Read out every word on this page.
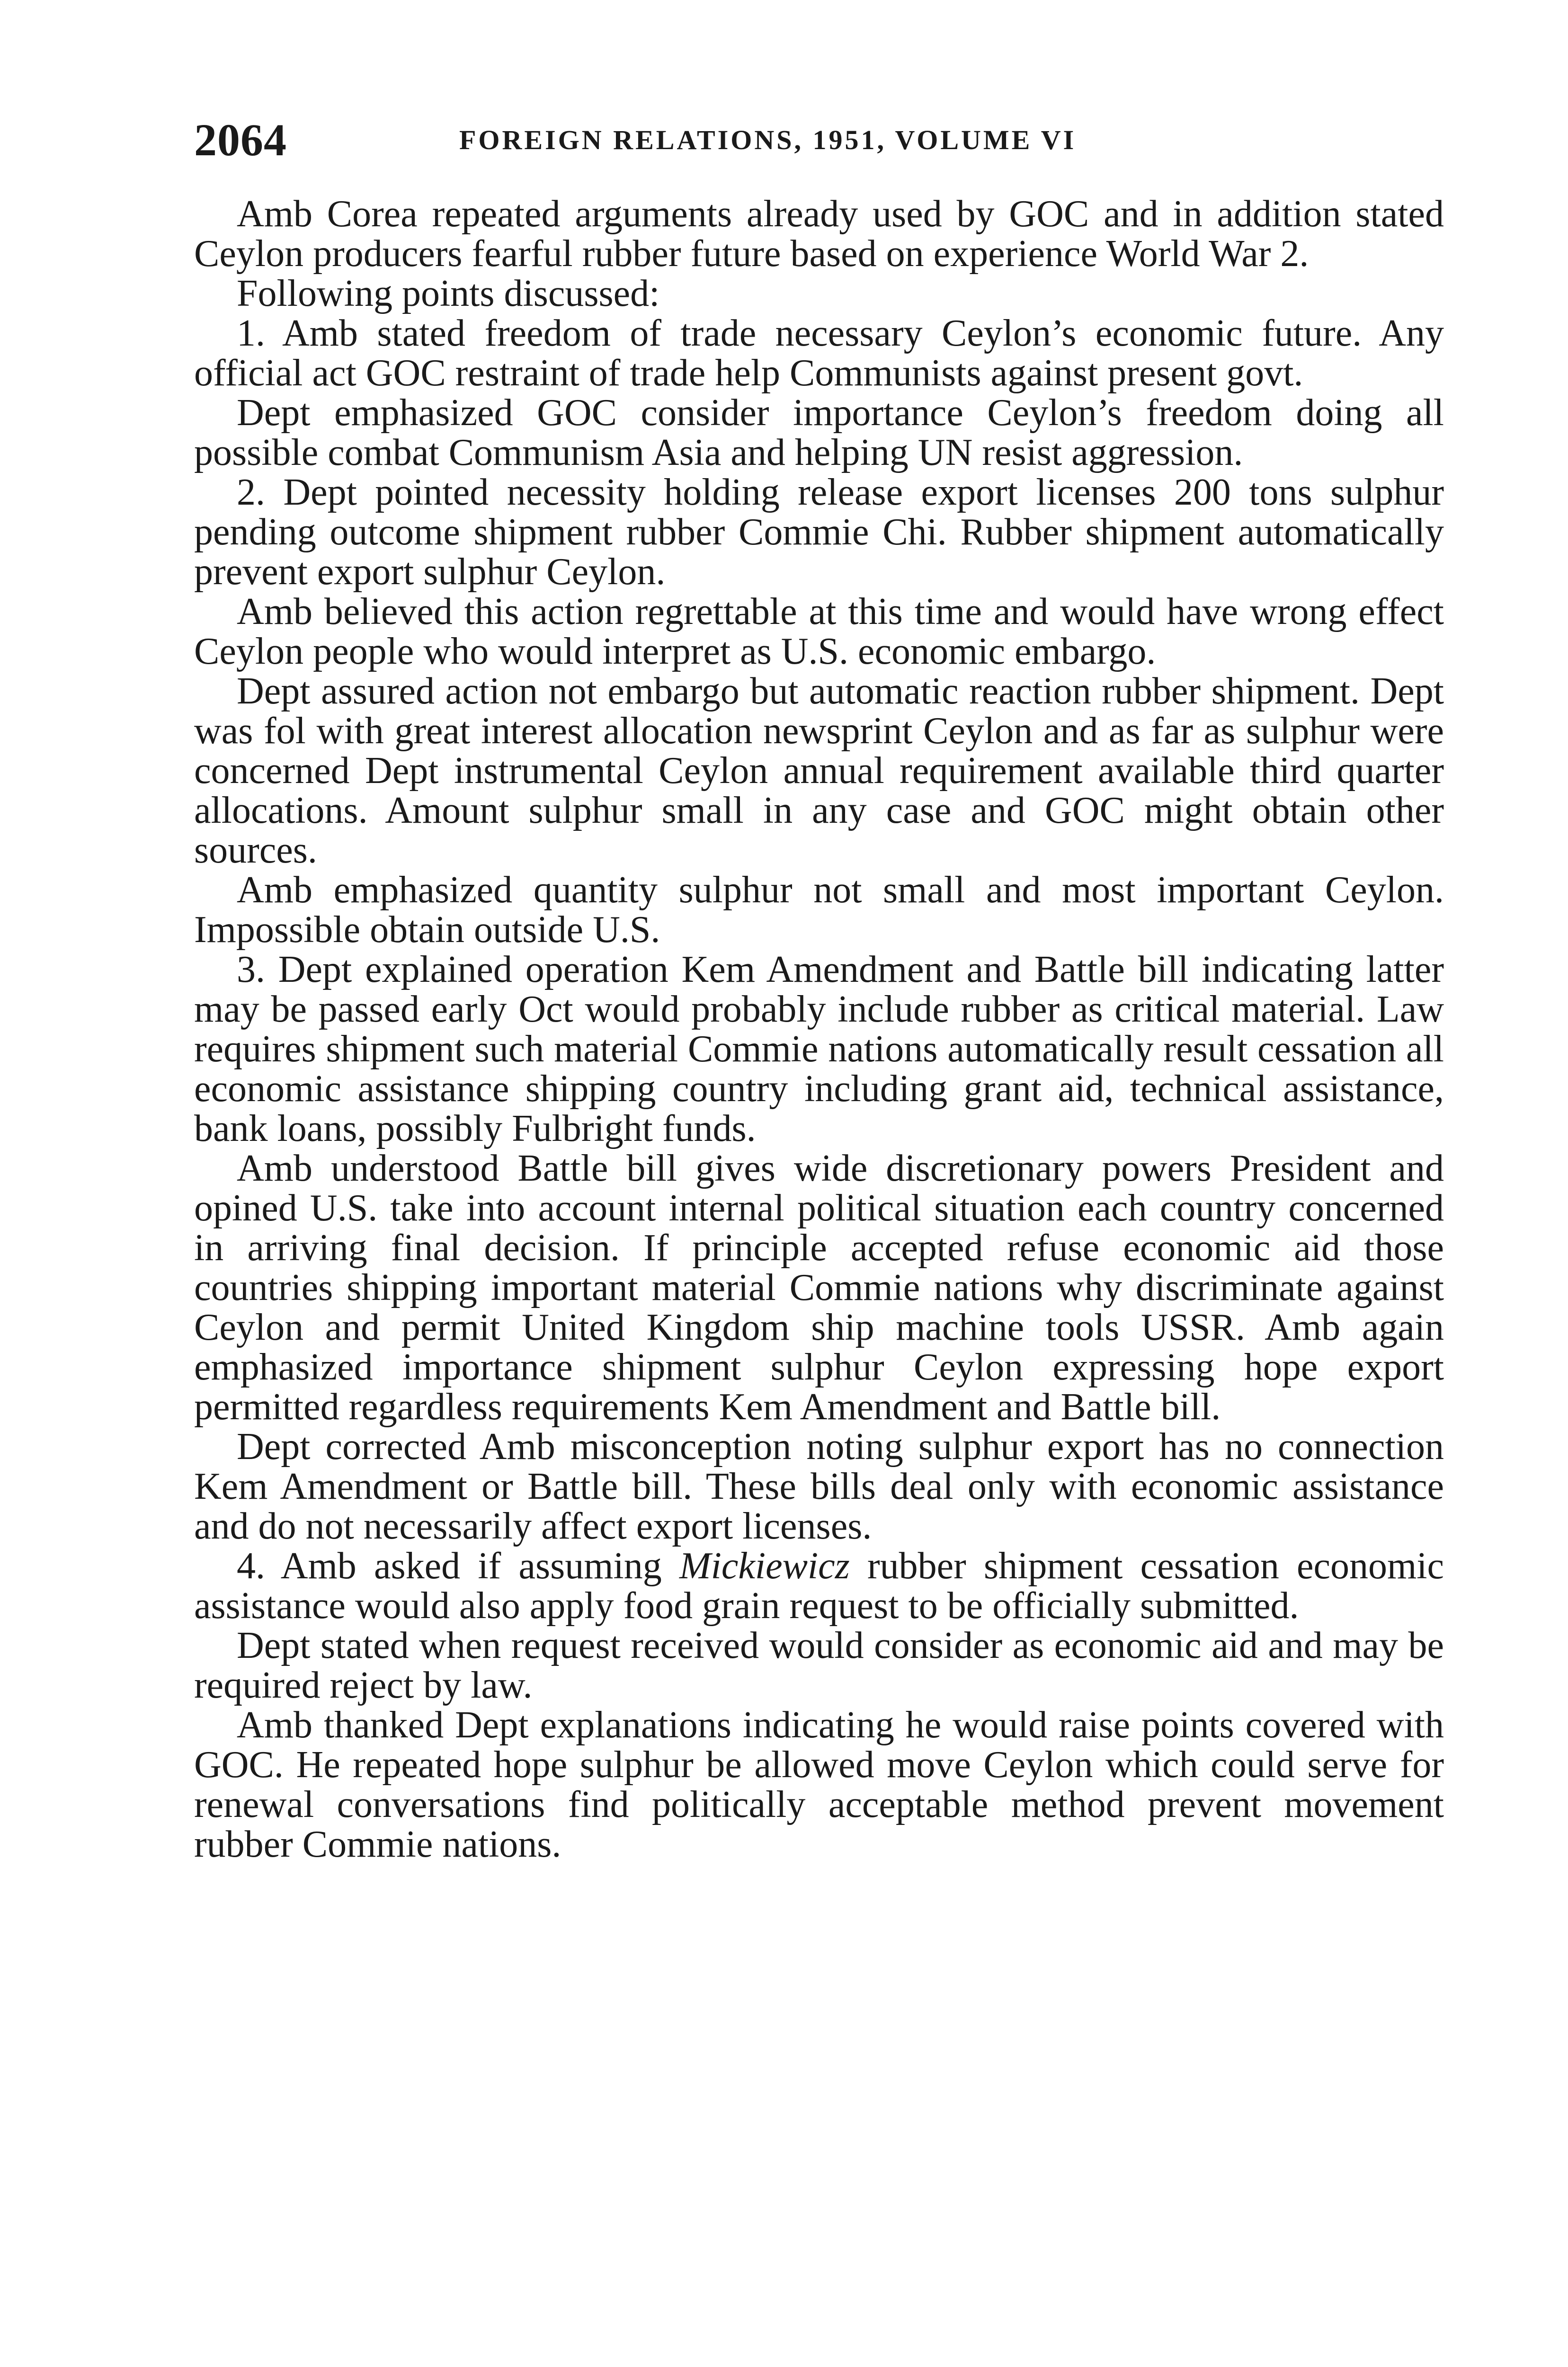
2064	FOREIGN RELATIONS, 1951, VOLUME VI

Amb Corea repeated arguments already used by GOC and in addition stated Ceylon producers fearful rubber future based on experience World War 2.

Following points discussed:

1. Amb stated freedom of trade necessary Ceylon’s economic future. Any official act GOC restraint of trade help Communists against present govt.

Dept emphasized GOC consider importance Ceylon’s freedom doing all possible combat Communism Asia and helping UN resist aggression.

2. Dept pointed necessity holding release export licenses 200 tons sulphur pending outcome shipment rubber Commie Chi. Rubber shipment automatically prevent export sulphur Ceylon.

Amb believed this action regrettable at this time and would have wrong effect Ceylon people who would interpret as U.S. economic embargo.

Dept assured action not embargo but automatic reaction rubber shipment. Dept was fol with great interest allocation newsprint Ceylon and as far as sulphur were concerned Dept instrumental Ceylon annual requirement available third quarter allocations. Amount sulphur small in any case and GOC might obtain other sources.

Amb emphasized quantity sulphur not small and most important Ceylon. Impossible obtain outside U.S.

3. Dept explained operation Kem Amendment and Battle bill indicating latter may be passed early Oct would probably include rubber as critical material. Law requires shipment such material Commie nations automatically result cessation all economic assistance shipping country including grant aid, technical assistance, bank loans, possibly Fulbright funds.

Amb understood Battle bill gives wide discretionary powers President and opined U.S. take into account internal political situation each country concerned in arriving final decision. If principle accepted refuse economic aid those countries shipping important material Commie nations why discriminate against Ceylon and permit United Kingdom ship machine tools USSR. Amb again emphasized importance shipment sulphur Ceylon expressing hope export permitted regardless requirements Kem Amendment and Battle bill.

Dept corrected Amb misconception noting sulphur export has no connection Kem Amendment or Battle bill. These bills deal only with economic assistance and do not necessarily affect export licenses.

4. Amb asked if assuming Mickiewicz rubber shipment cessation economic assistance would also apply food grain request to be officially submitted.

Dept stated when request received would consider as economic aid and may be required reject by law.

Amb thanked Dept explanations indicating he would raise points covered with GOC. He repeated hope sulphur be allowed move Ceylon which could serve for renewal conversations find politically acceptable method prevent movement rubber Commie nations.
